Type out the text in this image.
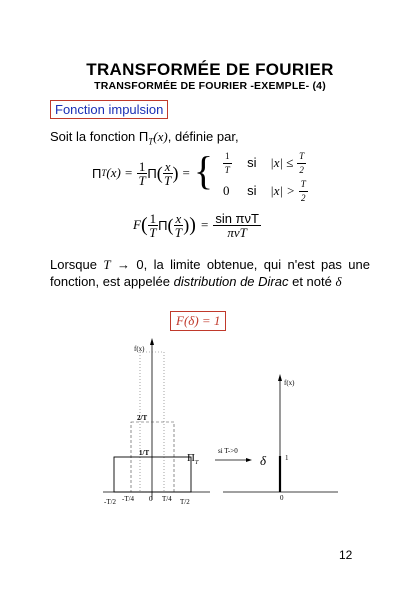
TRANSFORMÉE DE FOURIER
TRANSFORMÉE DE FOURIER -EXEMPLE- (4)
Fonction impulsion
Soit la fonction $\Pi_T(x)$, définie par,
Π T $(x) = \frac{1}{T}$ Π ( $\frac{x}{T}$ ) = { $\frac{1}{T}$ si $|x| \le \frac{T}{2}$
0 si $|x| > \frac{T}{2}$
F ( $\frac{1}{T}$ Π ( $\frac{x}{T}$ ) ) = $\frac{\text{sin πνT}}{\text{πνT}}$
Lorsque T → 0, la limite obtenue, qui n'est pas une fonction, est appelée distribution de Dirac et noté δ
F(δ) = 1
f(x)
2/T
1/T
-T/2 -T/4 0 T/4 T/2
Π T
si T->0
δ
f(x)
1
0
12
